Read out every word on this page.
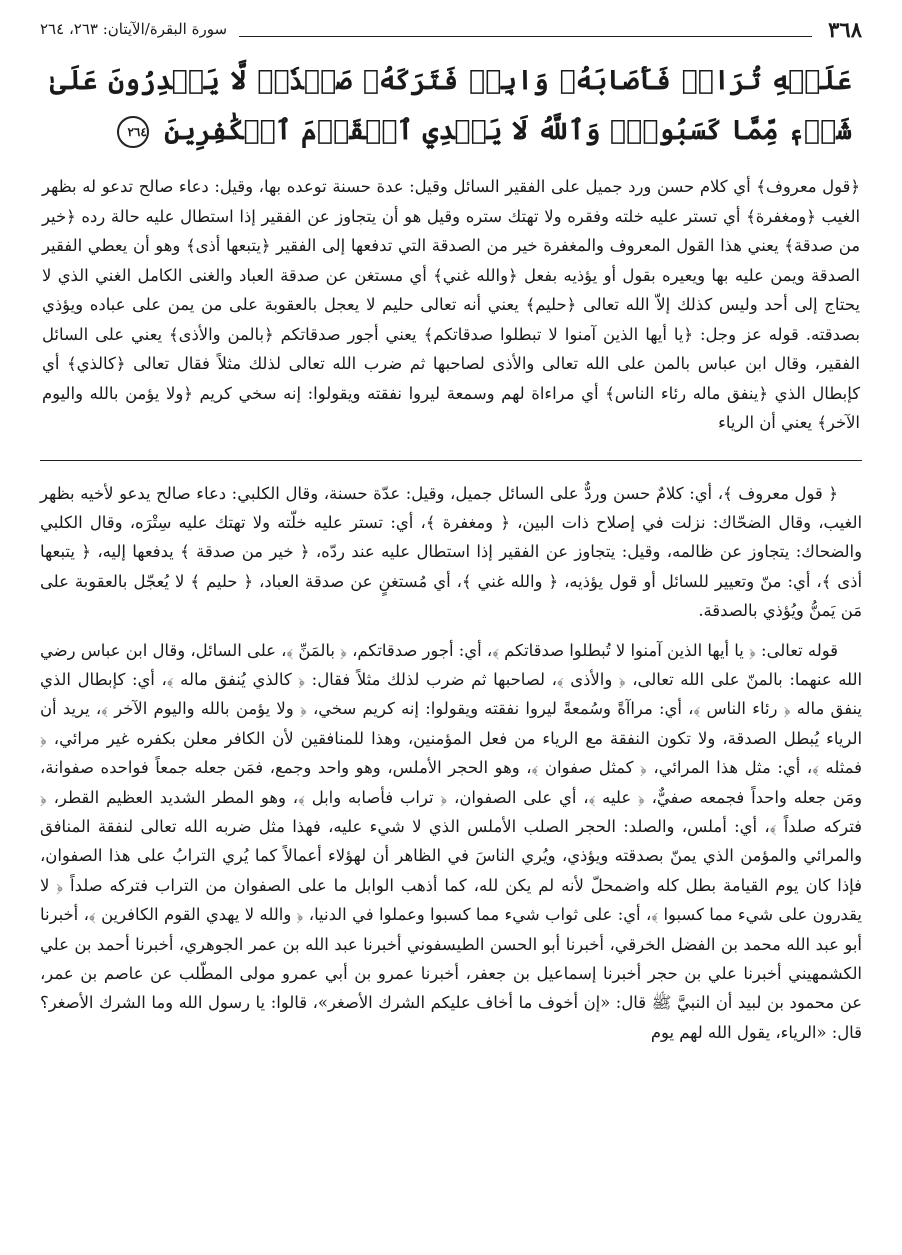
٣٦٨
سورة البقرة/الآيتان: ٢٦٣، ٢٦٤
عَلَيۡهِ تُرَابٞ فَأَصَابَهُۥ وَابِلٞ فَتَرَكَهُۥ صَلۡدٗاۖ لَّا يَقۡدِرُونَ عَلَىٰ شَيۡءٖ مِّمَّا كَسَبُواْۗ وَٱللَّهُ لَا يَهۡدِي ٱلۡقَوۡمَ ٱلۡكَٰفِرِينَ ٢٦٤
﴿قول معروف﴾ أي كلام حسن ورد جميل على الفقير السائل وقيل: عدة حسنة توعده بها، وقيل: دعاء صالح تدعو له بظهر الغيب ﴿ومغفرة﴾ أي تستر عليه خلته وفقره ولا تهتك ستره وقيل هو أن يتجاوز عن الفقير إذا استطال عليه حالة رده ﴿خير من صدقة﴾ يعني هذا القول المعروف والمغفرة خير من الصدقة التي تدفعها إلى الفقير ﴿يتبعها أذى﴾ وهو أن يعطي الفقير الصدقة ويمن عليه بها ويعيره بقول أو يؤذيه بفعل ﴿والله غني﴾ أي مستغن عن صدقة العباد والغنى الكامل الغني الذي لا يحتاج إلى أحد وليس كذلك إلاّ الله تعالى ﴿حليم﴾ يعني أنه تعالى حليم لا يعجل بالعقوبة على من يمن على عباده ويؤذي بصدقته. قوله عز وجل: ﴿يا أيها الذين آمنوا لا تبطلوا صدقاتكم﴾ يعني أجور صدقاتكم ﴿بالمن والأذى﴾ يعني على السائل الفقير، وقال ابن عباس بالمن على الله تعالى والأذى لصاحبها ثم ضرب الله تعالى لذلك مثلاً فقال تعالى ﴿كالذي﴾ أي كإبطال الذي ﴿ينفق ماله رئاء الناس﴾ أي مراءاة لهم وسمعة ليروا نفقته ويقولوا: إنه سخي كريم ﴿ولا يؤمن بالله واليوم الآخر﴾ يعني أن الرياء

﴿ قول معروف ﴾، أي: كلامٌ حسن وردٌّ على السائل جميل، وقيل: عدّة حسنة، وقال الكلبي: دعاء صالح يدعو لأخيه بظهر الغيب، وقال الضحّاك: نزلت في إصلاح ذات البين، ﴿ ومغفرة ﴾، أي: تستر عليه خلّته ولا تهتك عليه سِتْرَه، وقال الكلبي والضحاك: يتجاوز عن ظالمه، وقيل: يتجاوز عن الفقير إذا استطال عليه عند ردّه، ﴿ خير من صدقة ﴾ يدفعها إليه، ﴿ يتبعها أذى ﴾، أي: منّ وتعيير للسائل أو قول يؤذيه، ﴿ والله غني ﴾، أي مُستغنٍ عن صدقة العباد، ﴿ حليم ﴾ لا يُعجّل بالعقوبة على مَن يَمنُّ ويُؤذي بالصدقة.

قوله تعالى: ﴿ يا أيها الذين آمنوا لا تُبطلوا صدقاتكم ﴾، أي: أجور صدقاتكم، ﴿ بالمَنِّ ﴾، على السائل، وقال ابن عباس رضي الله عنهما: بالمنّ على الله تعالى، ﴿ والأذى ﴾، لصاحبها ثم ضرب لذلك مثلاً فقال: ﴿ كالذي يُنفق ماله ﴾، أي: كإبطال الذي ينفق ماله ﴿ رئاء الناس ﴾، أي: مراآةً وسُمعةً ليروا نفقته ويقولوا: إنه كريم سخي، ﴿ ولا يؤمن بالله واليوم الآخر ﴾، يريد أن الرياء يُبطل الصدقة، ولا تكون النفقة مع الرياء من فعل المؤمنين، وهذا للمنافقين لأن الكافر معلن بكفره غير مرائي، ﴿ فمثله ﴾، أي: مثل هذا المرائي، ﴿ كمثل صفوان ﴾، وهو الحجر الأملس، وهو واحد وجمع، فمَن جعله جمعاً فواحده صفوانة، ومَن جعله واحداً فجمعه صفيٌّ، ﴿ عليه ﴾، أي على الصفوان، ﴿ تراب فأصابه وابل ﴾، وهو المطر الشديد العظيم القطر، ﴿ فتركه صلداً ﴾، أي: أملس، والصلد: الحجر الصلب الأملس الذي لا شيء عليه، فهذا مثل ضربه الله تعالى لنفقة المنافق والمرائي والمؤمن الذي يمنّ بصدقته ويؤذي، ويُري الناسَ في الظاهر أن لهؤلاء أعمالاً كما يُري الترابُ على هذا الصفوان، فإذا كان يوم القيامة بطل كله واضمحلّ لأنه لم يكن لله، كما أذهب الوابل ما على الصفوان من التراب فتركه صلداً ﴿ لا يقدرون على شيء مما كسبوا ﴾، أي: على ثواب شيء مما كسبوا وعملوا في الدنيا، ﴿ والله لا يهدي القوم الكافرين ﴾، أخبرنا أبو عبد الله محمد بن الفضل الخرقي، أخبرنا أبو الحسن الطيسفوني أخبرنا عبد الله بن عمر الجوهري، أخبرنا أحمد بن علي الكشمهيني أخبرنا علي بن حجر أخبرنا إسماعيل بن جعفر، أخبرنا عمرو بن أبي عمرو مولى المطّلب عن عاصم بن عمر، عن محمود بن لبيد أن النبيَّ ﷺ قال: «إن أخوف ما أخاف عليكم الشرك الأصغر»، قالوا: يا رسول الله وما الشرك الأصغر؟ قال: «الرياء، يقول الله لهم يوم
